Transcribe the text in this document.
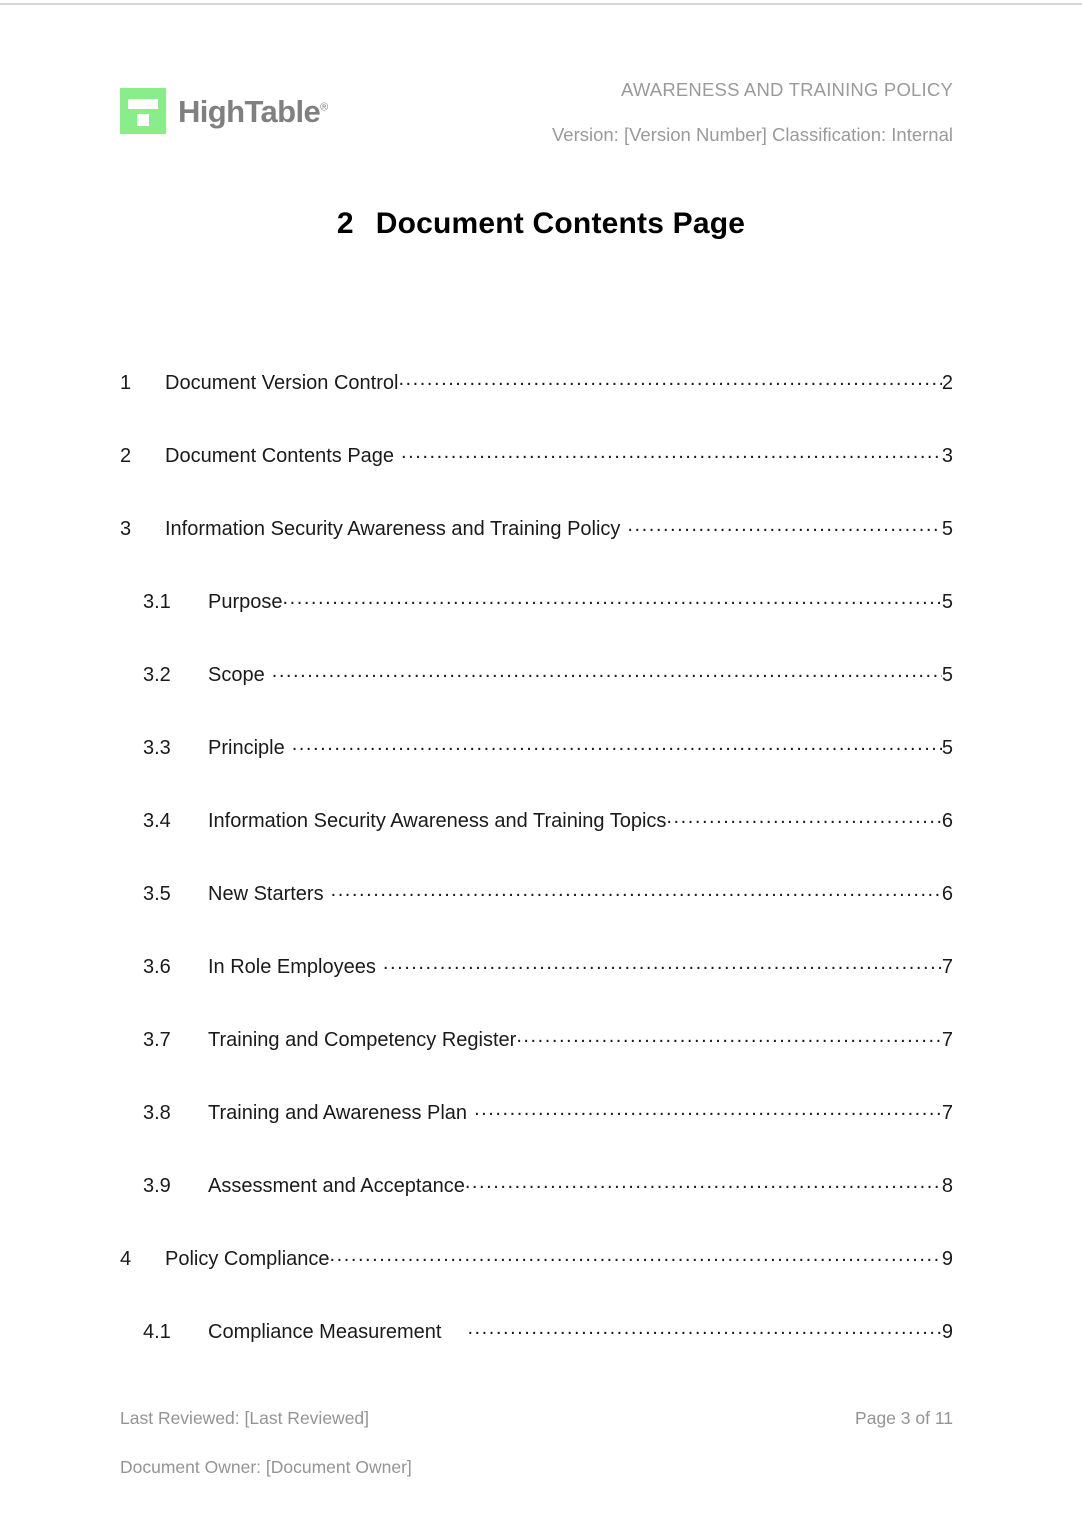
HighTable®
AWARENESS AND TRAINING POLICY
Version: [Version Number] Classification: Internal
2 Document Contents Page
1	Document Version Control .....	2
2	Document Contents Page .....	3
3	Information Security Awareness and Training Policy .....	5
3.1	Purpose .....	5
3.2	Scope .....	5
3.3	Principle .....	5
3.4	Information Security Awareness and Training Topics .....	6
3.5	New Starters .....	6
3.6	In Role Employees .....	7
3.7	Training and Competency Register .....	7
3.8	Training and Awareness Plan .....	7
3.9	Assessment and Acceptance .....	8
4	Policy Compliance .....	9
4.1	Compliance Measurement .....	9
Last Reviewed: [Last Reviewed]	Page 3 of 11
Document Owner: [Document Owner]
